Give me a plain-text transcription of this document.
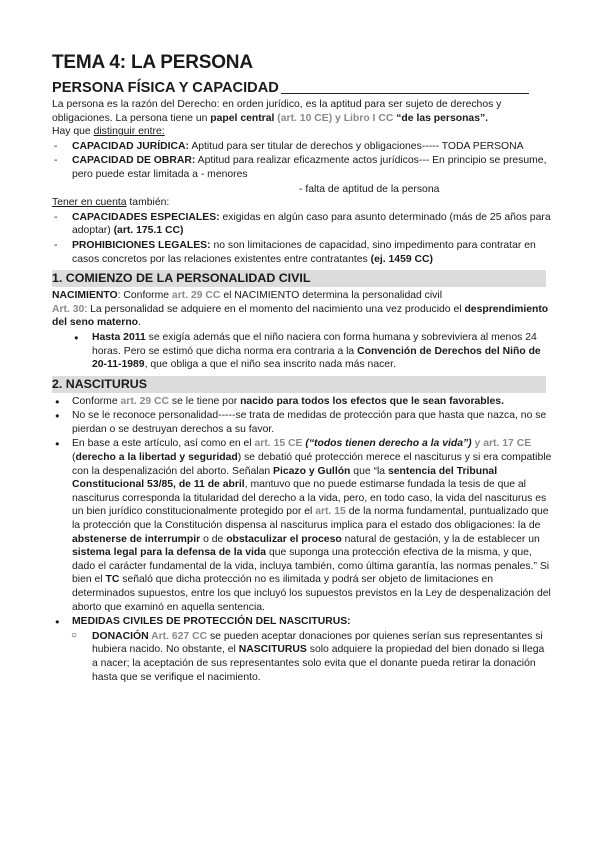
TEMA 4: LA PERSONA
PERSONA FÍSICA Y CAPACIDAD

La persona es la razón del Derecho: en orden jurídico, es la aptitud para ser sujeto de derechos y obligaciones. La persona tiene un papel central (art. 10 CE) y Libro I CC “de las personas”.

Hay que distinguir entre:

- CAPACIDAD JURÍDICA: Aptitud para ser titular de derechos y obligaciones----- TODA PERSONA
- CAPACIDAD DE OBRAR: Aptitud para realizar eficazmente actos jurídicos--- En principio se presume, pero puede estar limitada a - menores

- falta de aptitud de la persona

Tener en cuenta también:

- CAPACIDADES ESPECIALES: exigidas en algún caso para asunto determinado (más de 25 años para adoptar) (art. 175.1 CC)
- PROHIBICIONES LEGALES: no son limitaciones de capacidad, sino impedimento para contratar en casos concretos por las relaciones existentes entre contratantes (ej. 1459 CC)
1. COMIENZO DE LA PERSONALIDAD CIVIL

NACIMIENTO: Conforme art. 29 CC el NACIMIENTO determina la personalidad civil

Art. 30: La personalidad se adquiere en el momento del nacimiento una vez producido el desprendimiento del seno materno.

● Hasta 2011 se exigía además que el niño naciera con forma humana y sobreviviera al menos 24 horas. Pero se estimó que dicha norma era contraria a la Convención de Derechos del Niño de 20-11-1989, que obliga a que el niño sea inscrito nada más nacer.
2. NASCITURUS
● Conforme art. 29 CC se le tiene por nacido para todos los efectos que le sean favorables.
● No se le reconoce personalidad-----se trata de medidas de protección para que hasta que nazca, no se pierdan o se destruyan derechos a su favor.
● En base a este artículo, así como en el art. 15 CE (“todos tienen derecho a la vida”) y art. 17 CE (derecho a la libertad y seguridad) se debatió qué protección merece el nasciturus y si era compatible con la despenalización del aborto. Señalan Picazo y Gullón que “la sentencia del Tribunal Constitucional 53/85, de 11 de abril, mantuvo que no puede estimarse fundada la tesis de que al nasciturus corresponda la titularidad del derecho a la vida, pero, en todo caso, la vida del nasciturus es un bien jurídico constitucionalmente protegido por el art. 15 de la norma fundamental, puntualizado que la protección que la Constitución dispensa al nasciturus implica para el estado dos obligaciones: la de abstenerse de interrumpir o de obstaculizar el proceso natural de gestación, y la de establecer un sistema legal para la defensa de la vida que suponga una protección efectiva de la misma, y que, dado el carácter fundamental de la vida, incluya también, como última garantía, las normas penales.” Si bien el TC señaló que dicha protección no es ilimitada y podrá ser objeto de limitaciones en determinados supuestos, entre los que incluyó los supuestos previstos en la Ley de despenalización del aborto que examinó en aquella sentencia.
● MEDIDAS CIVILES DE PROTECCIÓN DEL NASCITURUS:
○ DONACIÓN Art. 627 CC se pueden aceptar donaciones por quienes serían sus representantes si hubiera nacido. No obstante, el NASCITURUS solo adquiere la propiedad del bien donado si llega a nacer; la aceptación de sus representantes solo evita que el donante pueda retirar la donación hasta que se verifique el nacimiento.
